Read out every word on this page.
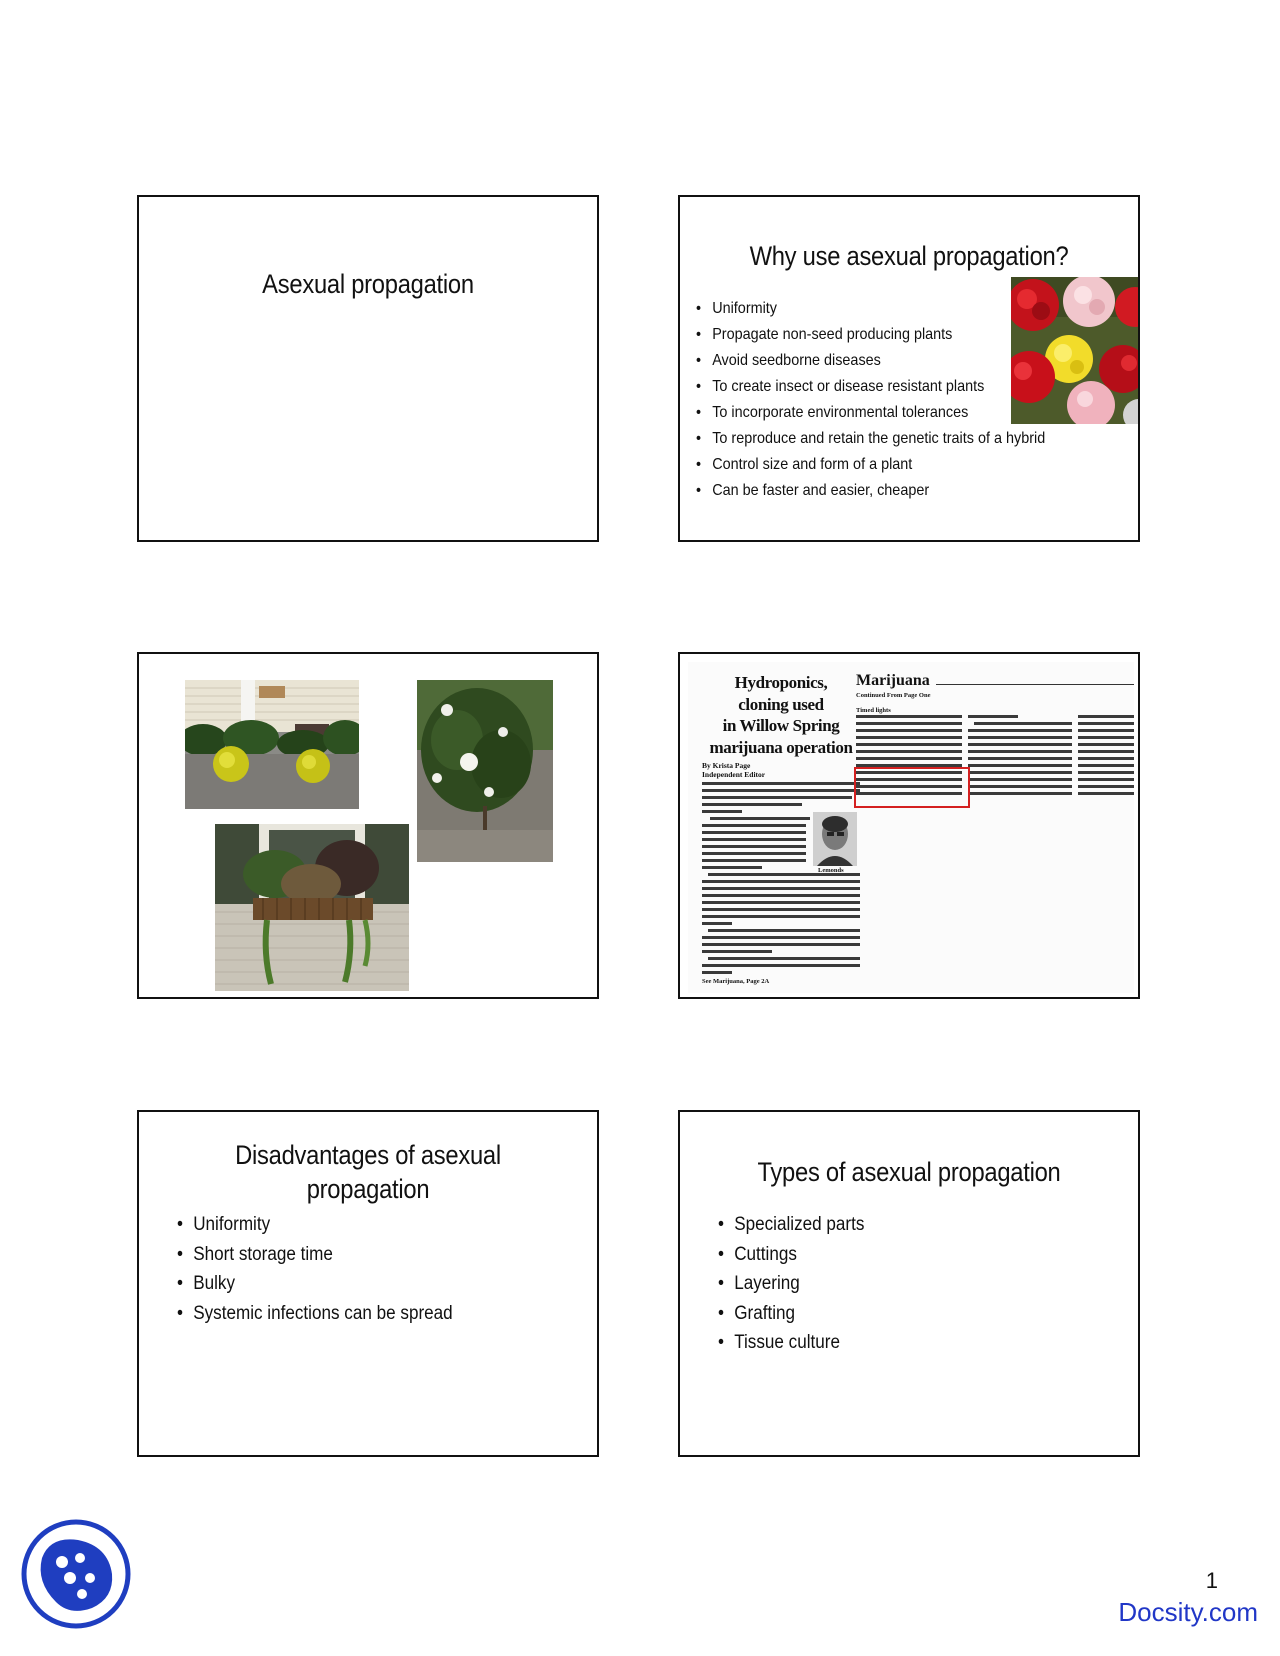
Asexual propagation
Why use asexual propagation?
• Uniformity
• Propagate non-seed producing plants
• Avoid seedborne diseases
• To create insect or disease resistant plants
• To incorporate environmental tolerances
• To reproduce and retain the genetic traits of a hybrid
• Control size and form of a plant
• Can be faster and easier, cheaper
Hydroponics,
cloning used
in Willow Spring
marijuana operation
By Krista Page
Independent Editor
Lemonds
See Marijuana, Page 2A
Marijuana
Continued From Page One
Timed lights
Disadvantages of asexual
propagation
• Uniformity
• Short storage time
• Bulky
• Systemic infections can be spread
Types of asexual propagation
• Specialized parts
• Cuttings
• Layering
• Grafting
• Tissue culture
1
Docsity.com
